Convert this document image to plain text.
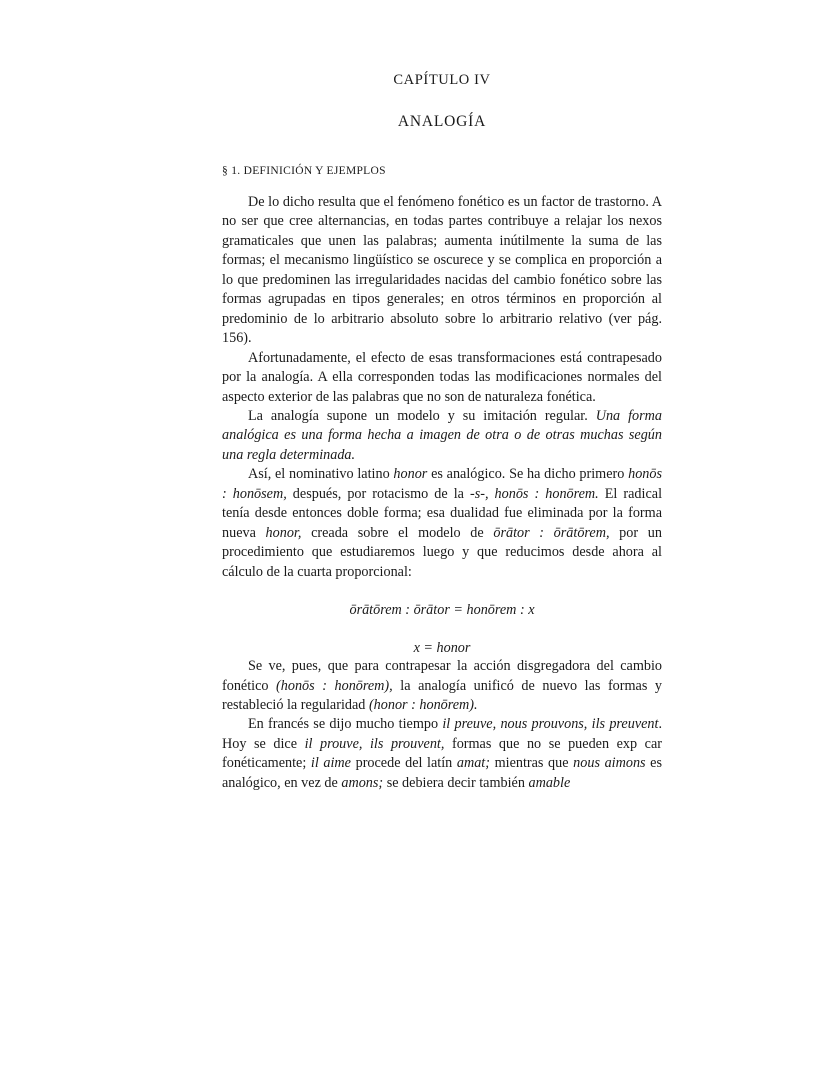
CAPÍTULO IV
ANALOGÍA
§ 1. DEFINICIÓN Y EJEMPLOS

De lo dicho resulta que el fenómeno fonético es un factor de trastorno. A no ser que cree alternancias, en todas partes contribuye a relajar los nexos gramaticales que unen las palabras; aumenta inútilmente la suma de las formas; el mecanismo lingüístico se oscurece y se complica en proporción a lo que predominen las irregularidades nacidas del cambio fonético sobre las formas agrupadas en tipos generales; en otros términos en proporción al predominio de lo arbitrario absoluto sobre lo arbitrario relativo (ver pág. 156).

Afortunadamente, el efecto de esas transformaciones está contrapesado por la analogía. A ella corresponden todas las modificaciones normales del aspecto exterior de las palabras que no son de naturaleza fonética.

La analogía supone un modelo y su imitación regular. Una forma analógica es una forma hecha a imagen de otra o de otras muchas según una regla determinada.

Así, el nominativo latino honor es analógico. Se ha dicho primero honōs : honōsem, después, por rotacismo de la -s-, honōs : honōrem. El radical tenía desde entonces doble forma; esa dualidad fue eliminada por la forma nueva honor, creada sobre el modelo de ōrātor : ōrātōrem, por un procedimiento que estudiaremos luego y que reducimos desde ahora al cálculo de la cuarta proporcional:

ōrātōrem : ōrātor = honōrem : x
x = honor

Se ve, pues, que para contrapesar la acción disgregadora del cambio fonético (honōs : honōrem), la analogía unificó de nuevo las formas y restableció la regularidad (honor : honōrem).

En francés se dijo mucho tiempo il preuve, nous prouvons, ils preuvent. Hoy se dice il prouve, ils prouvent, formas que no se pueden exp car fonéticamente; il aime procede del latín amat; mientras que nous aimons es analógico, en vez de amons; se debiera decir también amable
